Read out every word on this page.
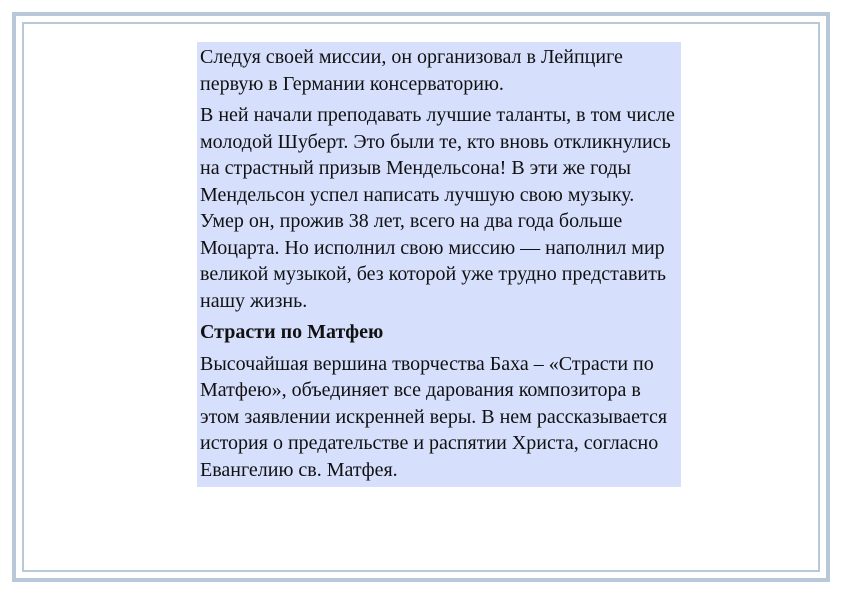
Следуя своей миссии, он организовал в Лейпциге первую в Германии консерваторию.

В ней начали преподавать лучшие таланты, в том числе молодой Шуберт. Это были те, кто вновь откликнулись на страстный призыв Мендельсона! В эти же годы Мендельсон успел написать лучшую свою музыку. Умер он, прожив 38 лет, всего на два года больше Моцарта. Но исполнил свою миссию — наполнил мир великой музыкой, без которой уже трудно представить нашу жизнь.

Страсти по Матфею

Высочайшая вершина творчества Баха – «Страсти по Матфею», объединяет все дарования композитора в этом заявлении искренней веры. В нем рассказывается история о предательстве и распятии Христа, согласно Евангелию св. Матфея.
